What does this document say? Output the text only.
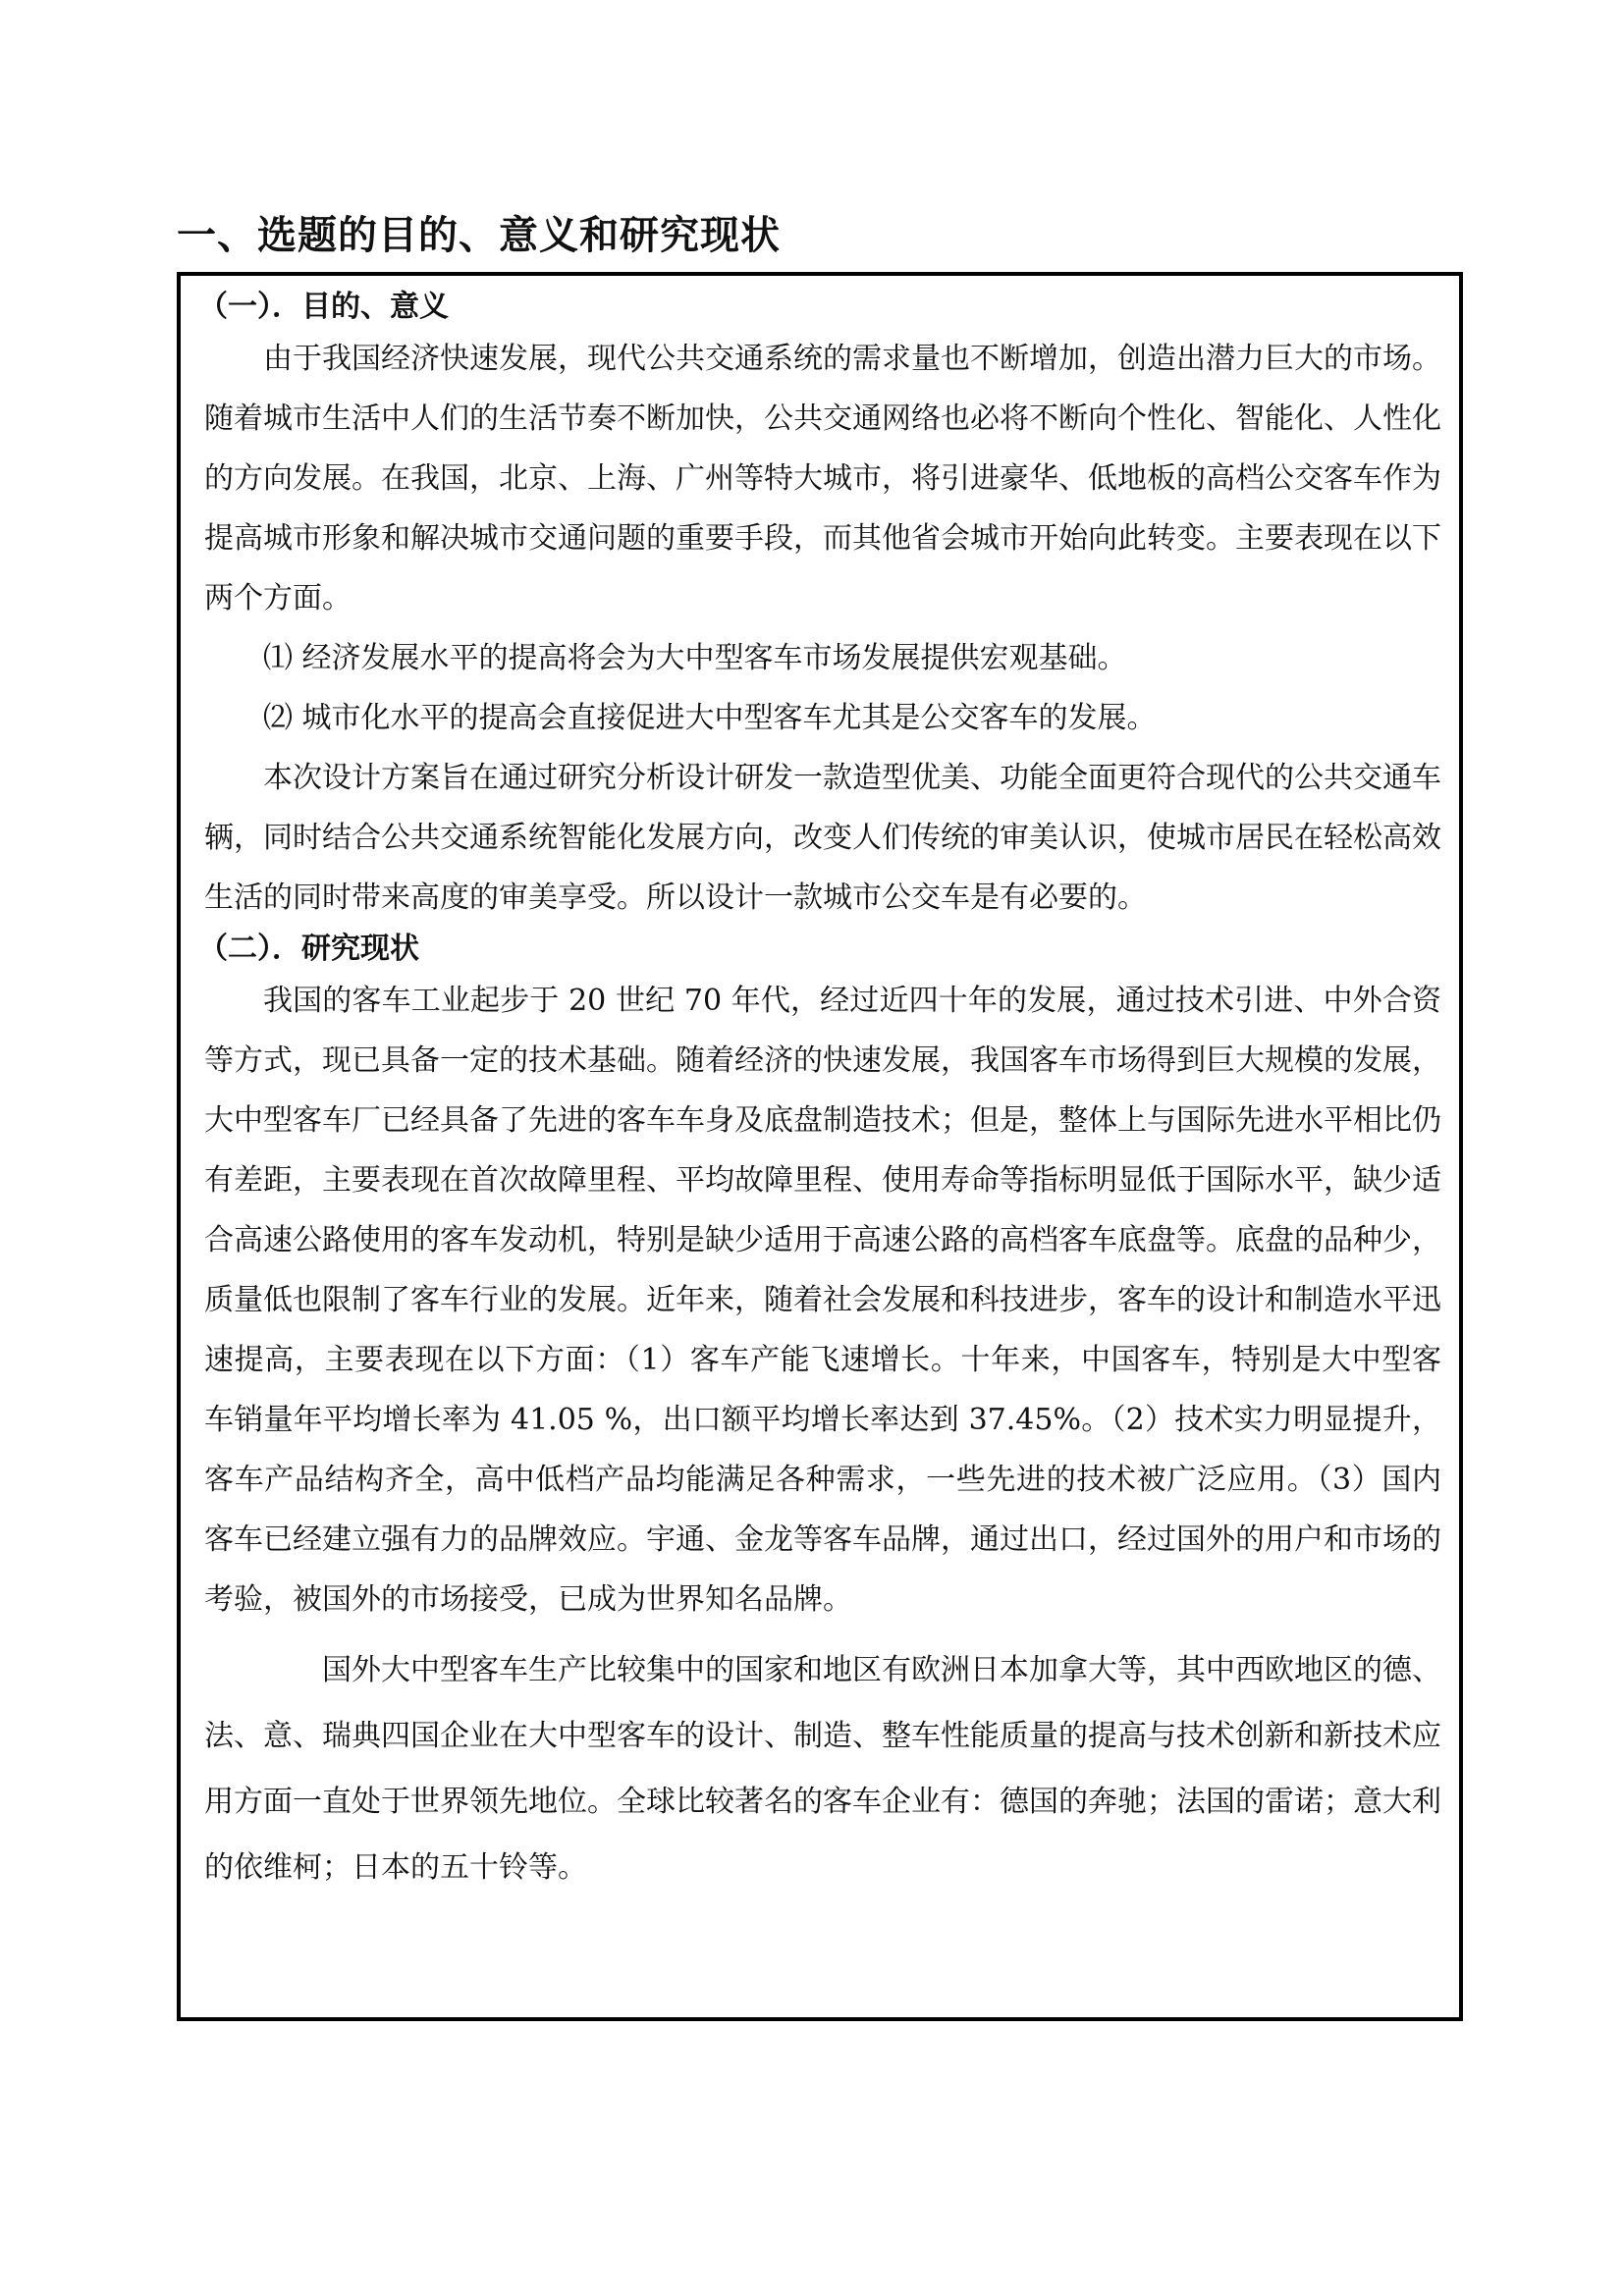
一、选题的目的、意义和研究现状
（一）．目的、意义

由于我国经济快速发展，现代公共交通系统的需求量也不断增加，创造出潜力巨大的市场。随着城市生活中人们的生活节奏不断加快，公共交通网络也必将不断向个性化、智能化、人性化的方向发展。在我国，北京、上海、广州等特大城市，将引进豪华、低地板的高档公交客车作为提高城市形象和解决城市交通问题的重要手段，而其他省会城市开始向此转变。主要表现在以下两个方面。

⑴ 经济发展水平的提高将会为大中型客车市场发展提供宏观基础。

⑵ 城市化水平的提高会直接促进大中型客车尤其是公交客车的发展。

本次设计方案旨在通过研究分析设计研发一款造型优美、功能全面更符合现代的公共交通车辆，同时结合公共交通系统智能化发展方向，改变人们传统的审美认识，使城市居民在轻松高效生活的同时带来高度的审美享受。所以设计一款城市公交车是有必要的。

（二）．研究现状

我国的客车工业起步于 20 世纪 70 年代，经过近四十年的发展，通过技术引进、中外合资等方式，现已具备一定的技术基础。随着经济的快速发展，我国客车市场得到巨大规模的发展，大中型客车厂已经具备了先进的客车车身及底盘制造技术；但是，整体上与国际先进水平相比仍有差距，主要表现在首次故障里程、平均故障里程、使用寿命等指标明显低于国际水平，缺少适合高速公路使用的客车发动机，特别是缺少适用于高速公路的高档客车底盘等。底盘的品种少，质量低也限制了客车行业的发展。近年来，随着社会发展和科技进步，客车的设计和制造水平迅速提高，主要表现在以下方面：（1）客车产能飞速增长。十年来，中国客车，特别是大中型客车销量年平均增长率为 41.05 %，出口额平均增长率达到 37.45%。（2）技术实力明显提升，客车产品结构齐全，高中低档产品均能满足各种需求，一些先进的技术被广泛应用。（3）国内客车已经建立强有力的品牌效应。宇通、金龙等客车品牌，通过出口，经过国外的用户和市场的考验，被国外的市场接受，已成为世界知名品牌。

国外大中型客车生产比较集中的国家和地区有欧洲日本加拿大等，其中西欧地区的德、法、意、瑞典四国企业在大中型客车的设计、制造、整车性能质量的提高与技术创新和新技术应用方面一直处于世界领先地位。全球比较著名的客车企业有：德国的奔驰；法国的雷诺；意大利的依维柯；日本的五十铃等。
